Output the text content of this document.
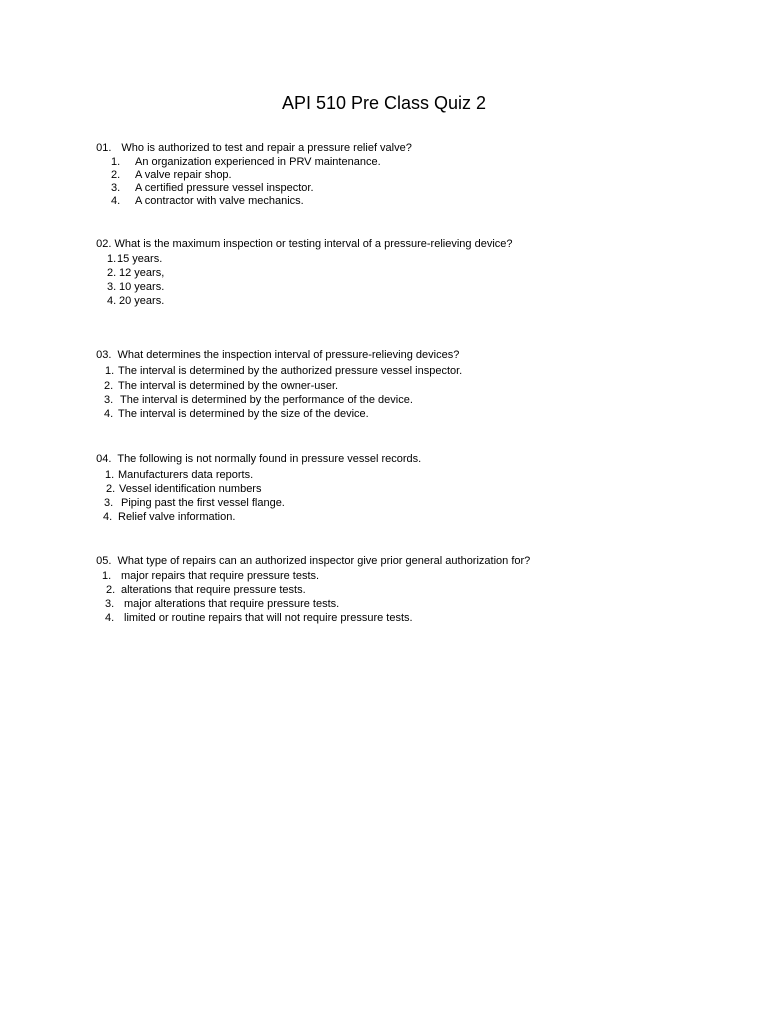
API 510 Pre Class Quiz 2

01. Who is authorized to test and repair a pressure relief valve?

1. An organization experienced in PRV maintenance.

2. A valve repair shop.

3. A certified pressure vessel inspector.

4. A contractor with valve mechanics.

02. What is the maximum inspection or testing interval of a pressure-relieving device?

1. 15 years.

2. 12 years,

3. 10 years.

4. 20 years.

03. What determines the inspection interval of pressure-relieving devices?

1. The interval is determined by the authorized pressure vessel inspector.

2. The interval is determined by the owner-user.

3. The interval is determined by the performance of the device.

4. The interval is determined by the size of the device.

04. The following is not normally found in pressure vessel records.

1. Manufacturers data reports.

2. Vessel identification numbers

3. Piping past the first vessel flange.

4. Relief valve information.

05. What type of repairs can an authorized inspector give prior general authorization for?

1. major repairs that require pressure tests.

2. alterations that require pressure tests.

3. major alterations that require pressure tests.

4. limited or routine repairs that will not require pressure tests.
